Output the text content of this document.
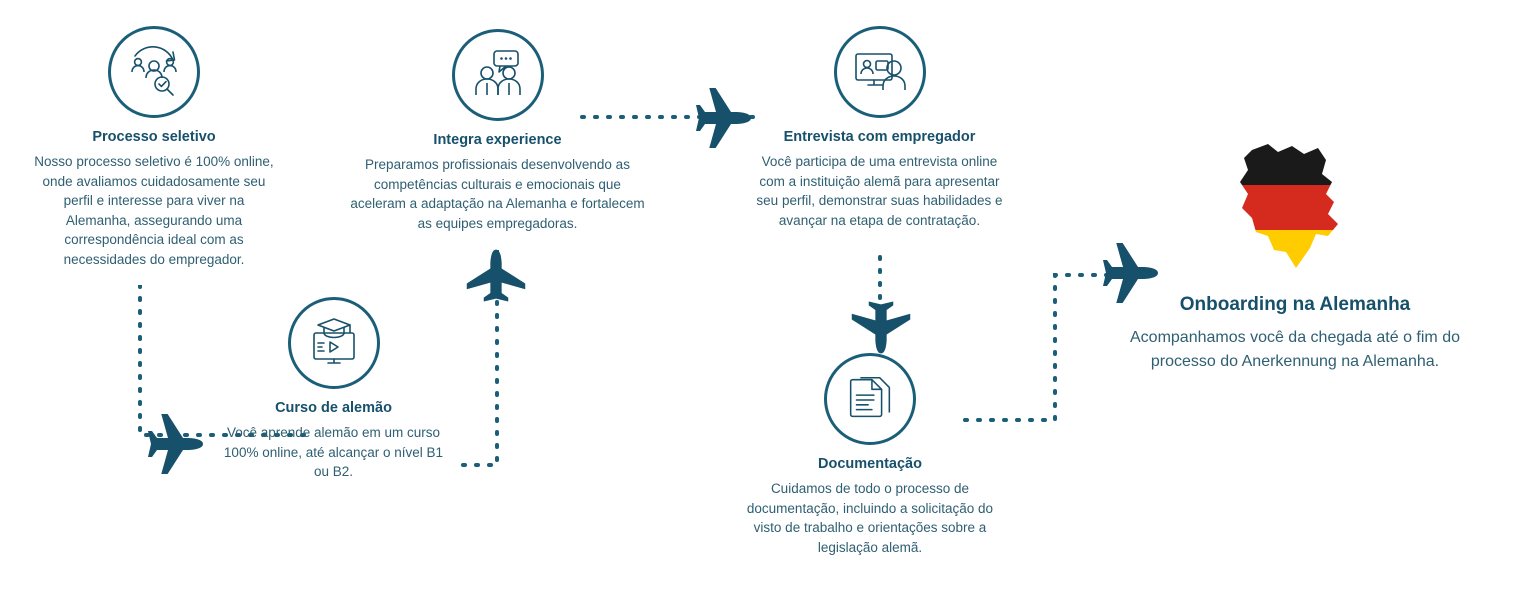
Processo seletivo
Nosso processo seletivo é 100% online, onde avaliamos cuidadosamente seu perfil e interesse para viver na Alemanha, assegurando uma correspondência ideal com as necessidades do empregador.
Curso de alemão
Você aprende alemão em um curso 100% online, até alcançar o nível B1 ou B2.
Integra experience
Preparamos profissionais desenvolvendo as competências culturais e emocionais que aceleram a adaptação na Alemanha e fortalecem as equipes empregadoras.
Entrevista com empregador
Você participa de uma entrevista online com a instituição alemã para apresentar seu perfil, demonstrar suas habilidades e avançar na etapa de contratação.
Documentação
Cuidamos de todo o processo de documentação, incluindo a solicitação do visto de trabalho e orientações sobre a legislação alemã.
Onboarding na Alemanha
Acompanhamos você da chegada até o fim do processo do Anerkennung na Alemanha.
